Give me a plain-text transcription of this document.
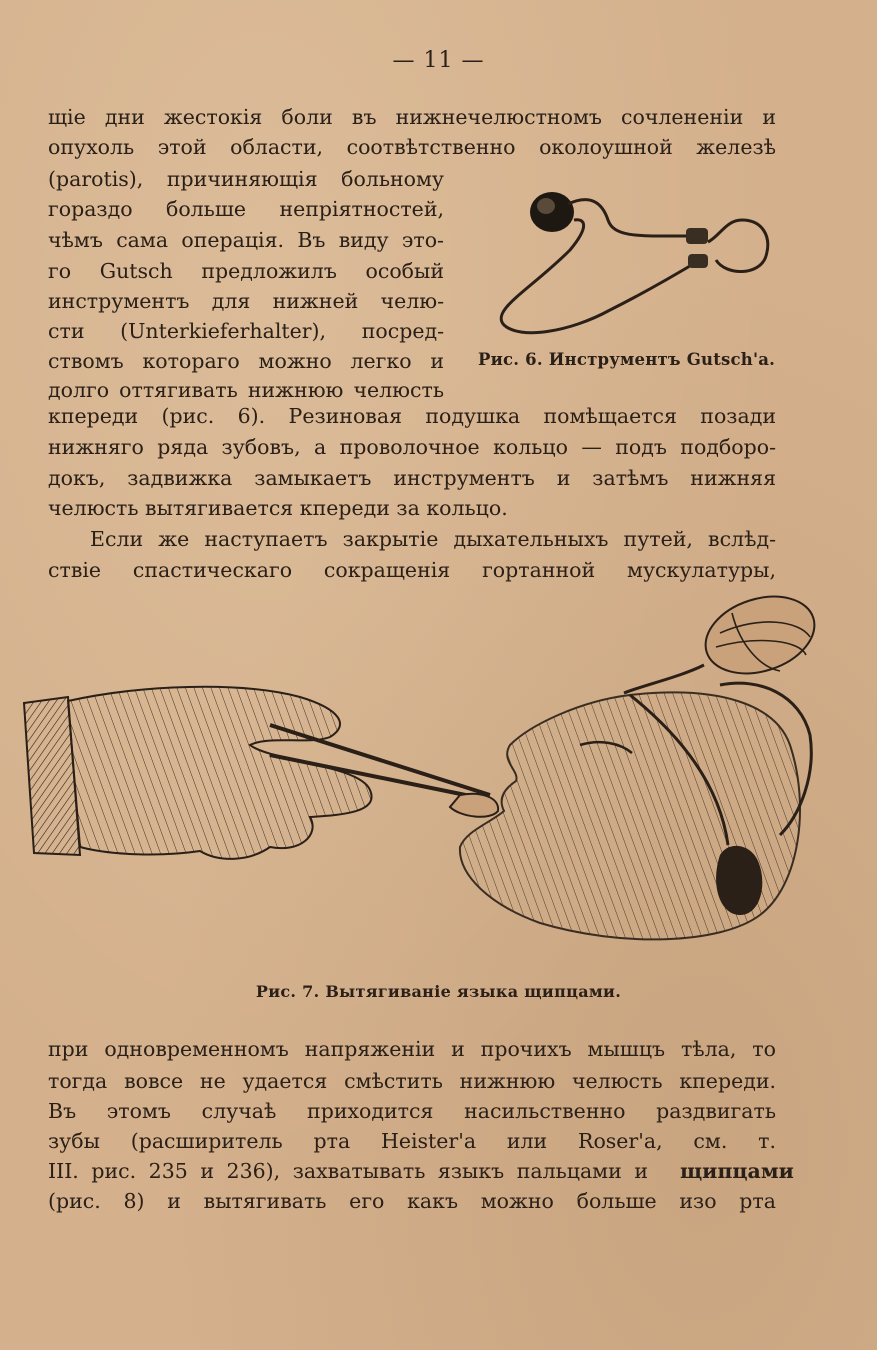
— 11 —
щіе дни жестокія боли въ нижнечелюстномъ сочлененіи и
опухоль этой области, соотвѣтственно околоушной железѣ
(parotis), причиняющія больному
гораздо больше непріятностей,
чѣмъ сама операція. Въ виду это-
го Gutsch предложилъ особый
инструментъ для нижней челю-
сти (Unterkieferhalter), посред-
ствомъ котораго можно легко и
долго оттягивать нижнюю челюсть
кпереди (рис. 6). Резиновая подушка помѣщается позади
нижняго ряда зубовъ, а проволочное кольцо — подъ подборо-
докъ, задвижка замыкаетъ инструментъ и затѣмъ нижняя
челюсть вытягивается кпереди за кольцо.
Если же наступаетъ закрытіе дыхательныхъ путей, вслѣд-
ствіе спастическаго сокращенія гортанной мускулатуры,
Рис. 6. Инструментъ Gutsch'а.
Рис. 7. Вытягиваніе языка щипцами.
при одновременномъ напряженіи и прочихъ мышцъ тѣла, то
тогда вовсе не удается смѣстить нижнюю челюсть кпереди.
Въ этомъ случаѣ приходится насильственно раздвигать
зубы (расширитель рта Heister'a или Roser'a, см. т.
III. рис. 235 и 236), захватывать языкъ пальцами и щипцами
(рис. 8) и вытягивать его какъ можно больше изо рта
